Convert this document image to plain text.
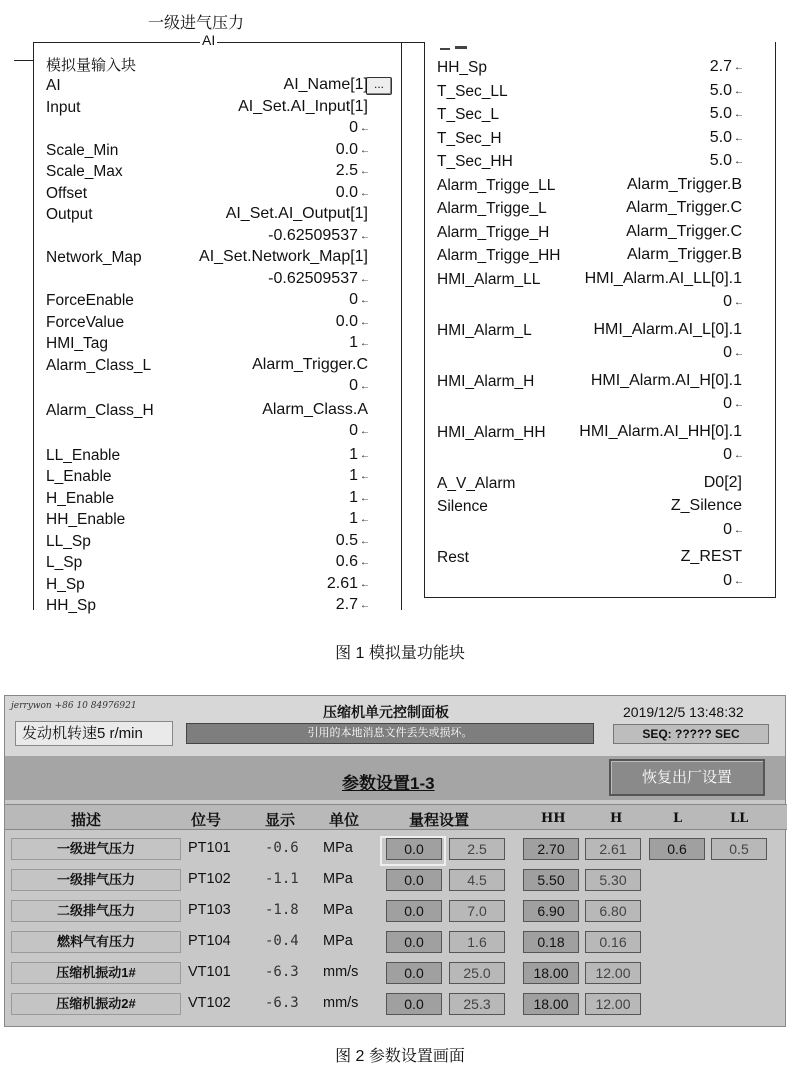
一级进气压力
AI
模拟量输入块
...
AI	AI_Name[1]
Input	AI_Set.AI_Input[1]
0 ←
Scale_Min	0.0 ←
Scale_Max	2.5 ←
Offset	0.0 ←
Output	AI_Set.AI_Output[1]
-0.62509537 ←
Network_Map	AI_Set.Network_Map[1]
-0.62509537 ←
ForceEnable	0 ←
ForceValue	0.0 ←
HMI_Tag	1 ←
Alarm_Class_L	Alarm_Trigger.C
0 ←
Alarm_Class_H	Alarm_Class.A
0 ←
LL_Enable	1 ←
L_Enable	1 ←
H_Enable	1 ←
HH_Enable	1 ←
LL_Sp	0.5 ←
L_Sp	0.6 ←
H_Sp	2.61 ←
HH_Sp	2.7 ←
HH_Sp	2.7 ←
T_Sec_LL	5.0 ←
T_Sec_L	5.0 ←
T_Sec_H	5.0 ←
T_Sec_HH	5.0 ←
Alarm_Trigge_LL	Alarm_Trigger.B
Alarm_Trigge_L	Alarm_Trigger.C
Alarm_Trigge_H	Alarm_Trigger.C
Alarm_Trigge_HH	Alarm_Trigger.B
HMI_Alarm_LL	HMI_Alarm.AI_LL[0].1
0 ←
HMI_Alarm_L	HMI_Alarm.AI_L[0].1
0 ←
HMI_Alarm_H	HMI_Alarm.AI_H[0].1
0 ←
HMI_Alarm_HH HMI_Alarm.AI_HH[0].1
0 ←
A_V_Alarm	D0[2]
Silence	Z_Silence
0 ←
Rest	Z_REST
0 ←
图 1 模拟量功能块
jerrywon +86 10 84976921
发动机转速5 r/min
压缩机单元控制面板
引用的本地消息文件丢失或损坏。
2019/12/5 13:48:32
SEQ: ????? SEC
参数设置1-3	恢复出厂设置
描述	位号	显示 单位	量程设置	HH	H	L	LL
一级进气压力	PT101 -0.6 MPa	0.0	2.5	2.70	2.61	0.6	0.5
一级排气压力	PT102 -1.1 MPa	0.0	4.5	5.50	5.30
二级排气压力	PT103 -1.8 MPa	0.0	7.0	6.90	6.80
燃料气有压力	PT104 -0.4 MPa	0.0	1.6	0.18	0.16
压缩机振动1#	VT101 -6.3 mm/s	0.0	25.0	18.00	12.00
压缩机振动2#	VT102 -6.3 mm/s	0.0	25.3	18.00	12.00
图 2 参数设置画面
